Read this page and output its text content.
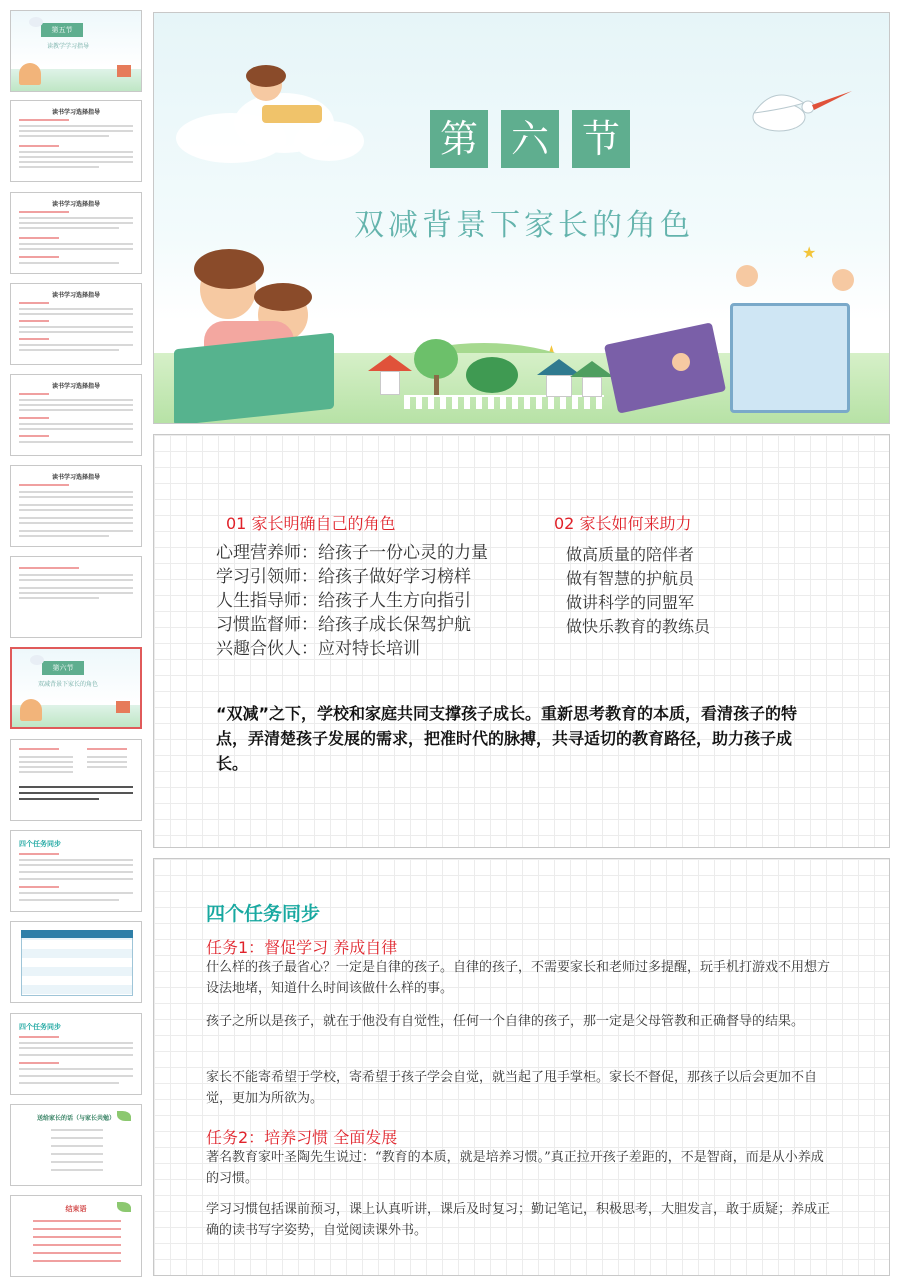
第五节
读教学学习指导
读书学习选择指导
读书学习选择指导
读书学习选择指导
读书学习选择指导
读书学习选择指导
第六节
双减背景下家长的角色
四个任务同步
四个任务同步
送给家长的话（与家长共勉）
结束语
第 六 节
双减背景下家长的角色
★
01 家长明确自己的角色	02 家长如何来助力
心理营养师：给孩子一份心灵的力量
学习引领师：给孩子做好学习榜样
人生指导师：给孩子人生方向指引
习惯监督师：给孩子成长保驾护航
兴趣合伙人：应对特长培训
做高质量的陪伴者
做有智慧的护航员
做讲科学的同盟军
做快乐教育的教练员
“双减”之下，学校和家庭共同支撑孩子成长。重新思考教育的本质，看清孩子的特点，弄清楚孩子发展的需求，把准时代的脉搏，共寻适切的教育路径，助力孩子成长。
四个任务同步
任务1：督促学习 养成自律
什么样的孩子最省心？一定是自律的孩子。自律的孩子，不需要家长和老师过多提醒，玩手机打游戏不用想方设法地堵，知道什么时间该做什么样的事。
孩子之所以是孩子，就在于他没有自觉性，任何一个自律的孩子，那一定是父母管教和正确督导的结果。
家长不能寄希望于学校，寄希望于孩子学会自觉，就当起了甩手掌柜。家长不督促，那孩子以后会更加不自觉，更加为所欲为。
任务2：培养习惯 全面发展
著名教育家叶圣陶先生说过：“教育的本质，就是培养习惯。”真正拉开孩子差距的，不是智商，而是从小养成的习惯。
学习习惯包括课前预习，课上认真听讲，课后及时复习；勤记笔记，积极思考，大胆发言，敢于质疑；养成正确的读书写字姿势，自觉阅读课外书。
